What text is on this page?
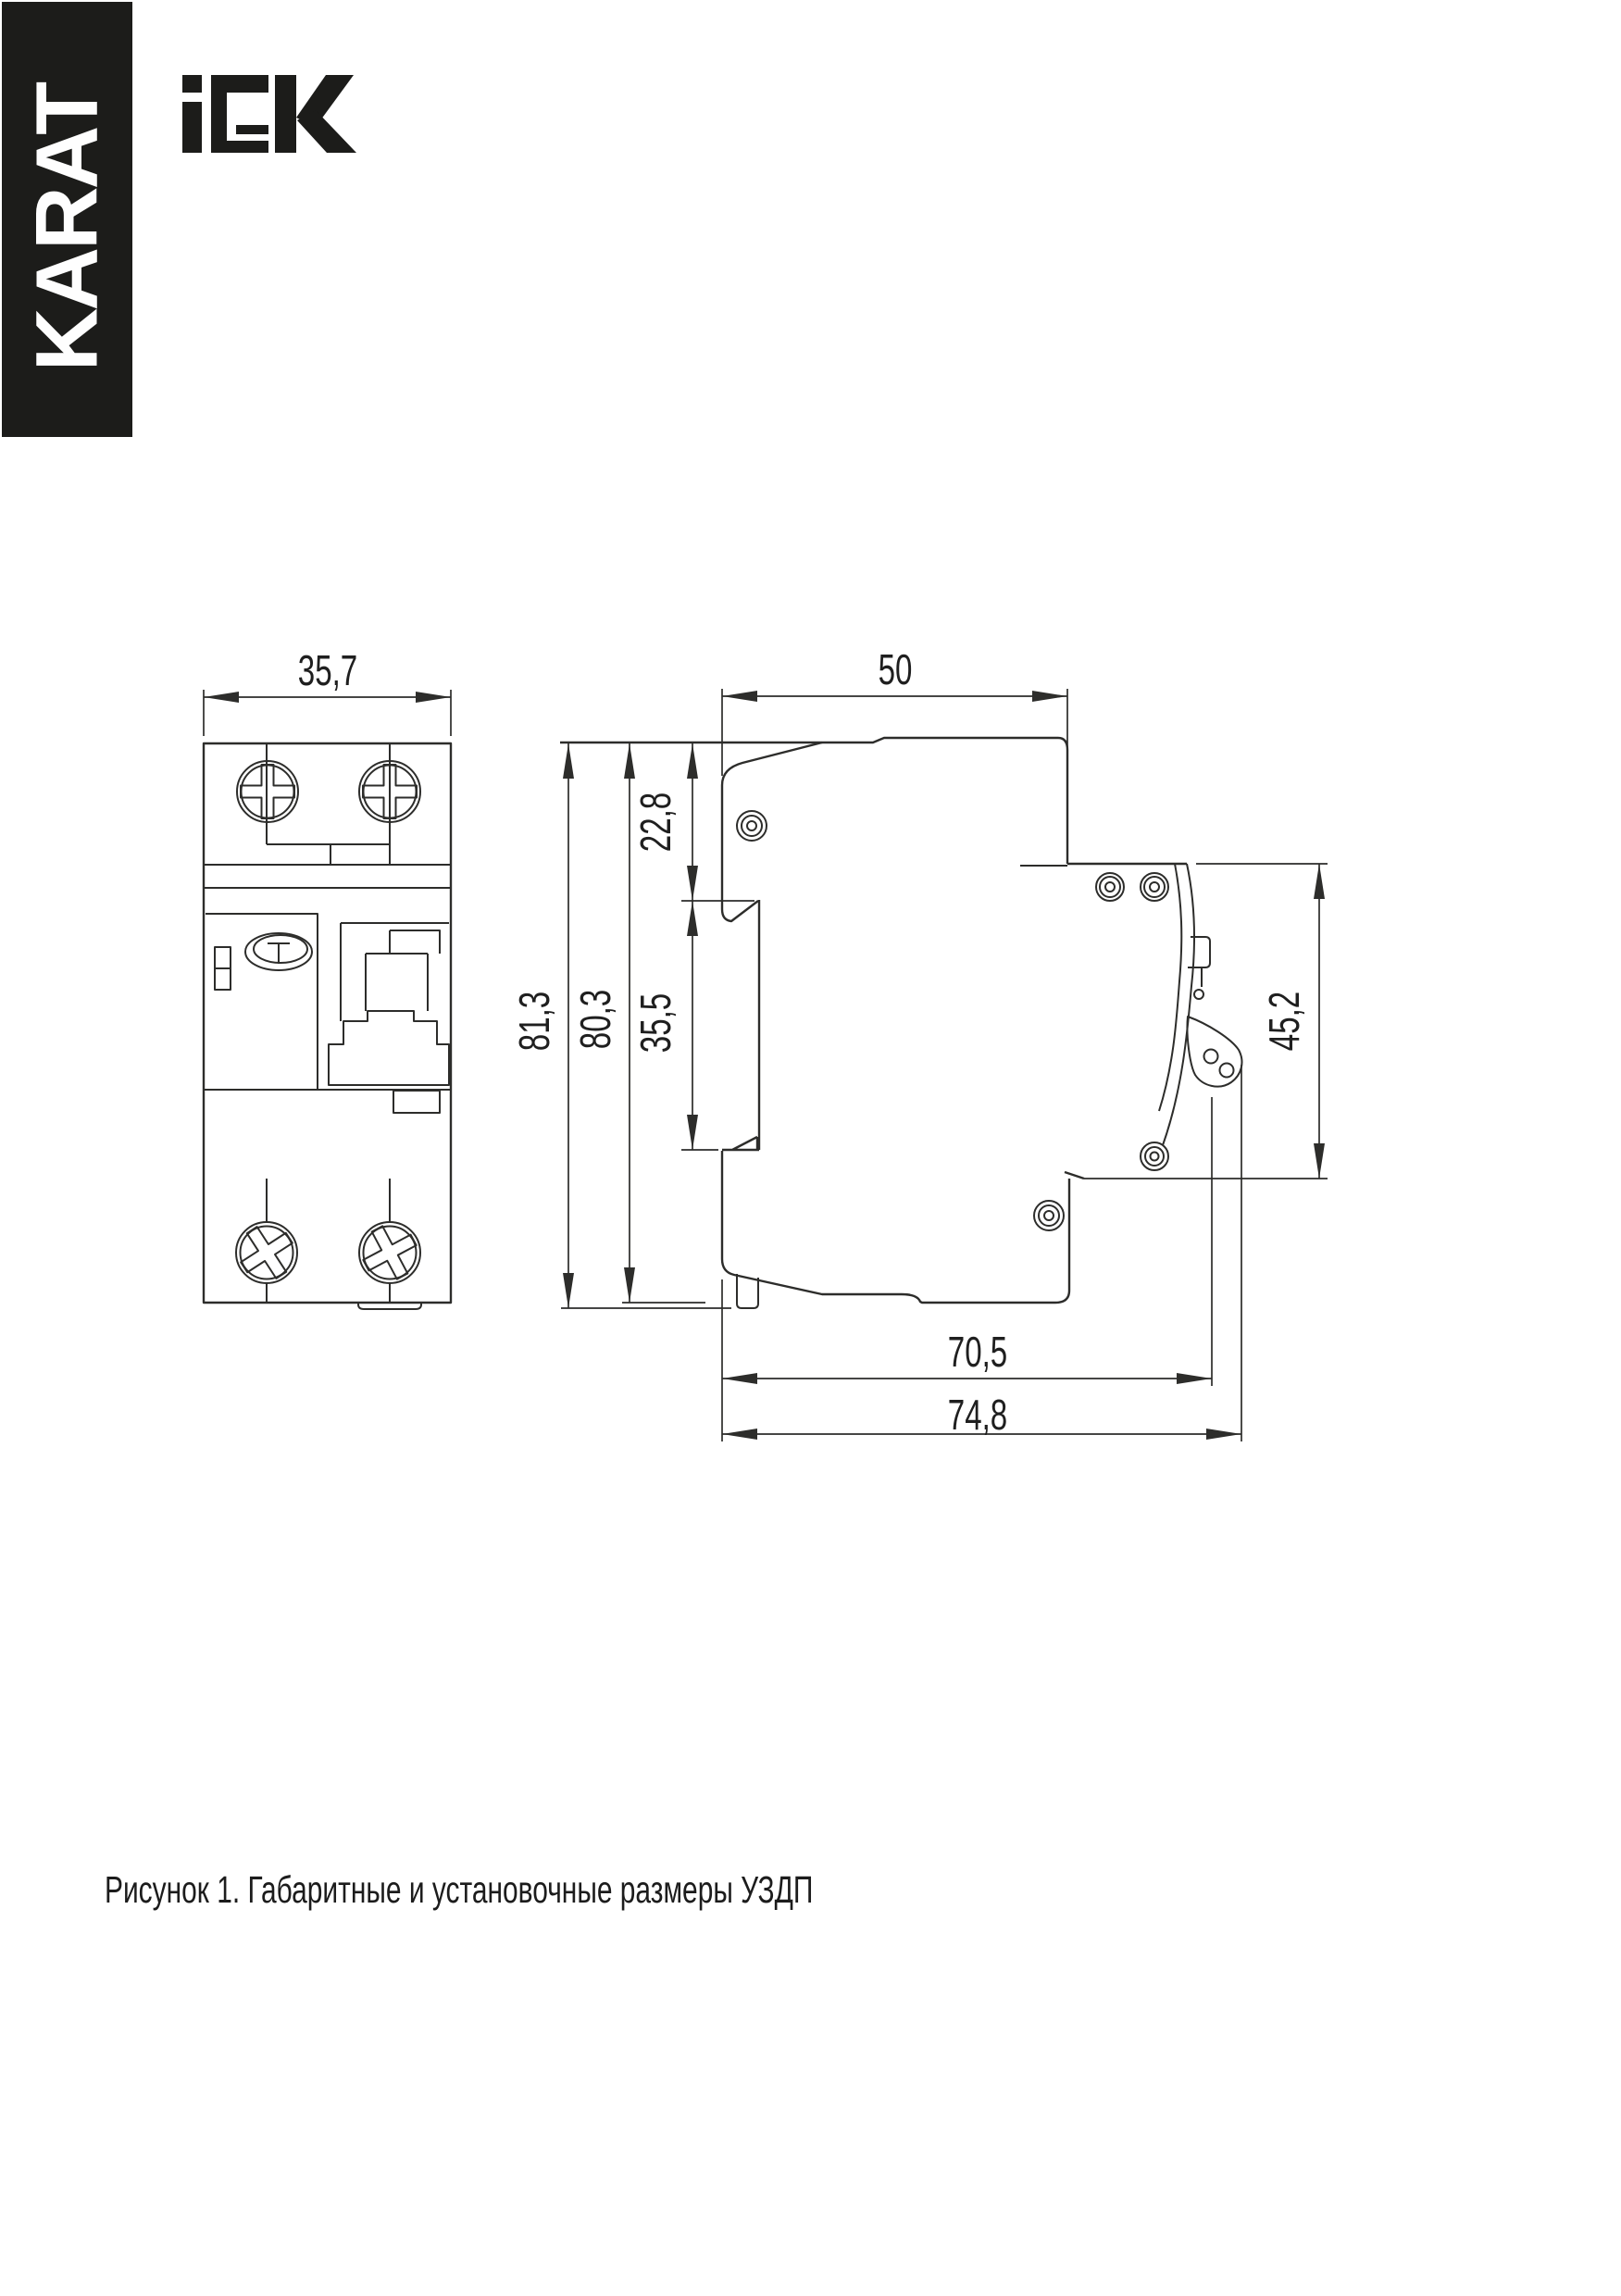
KARAT
35,7	50
22,8
35,5
81,3 80,3	45,2
70,5
74,8
Рисунок 1. Габаритные и установочные размеры УЗДП
